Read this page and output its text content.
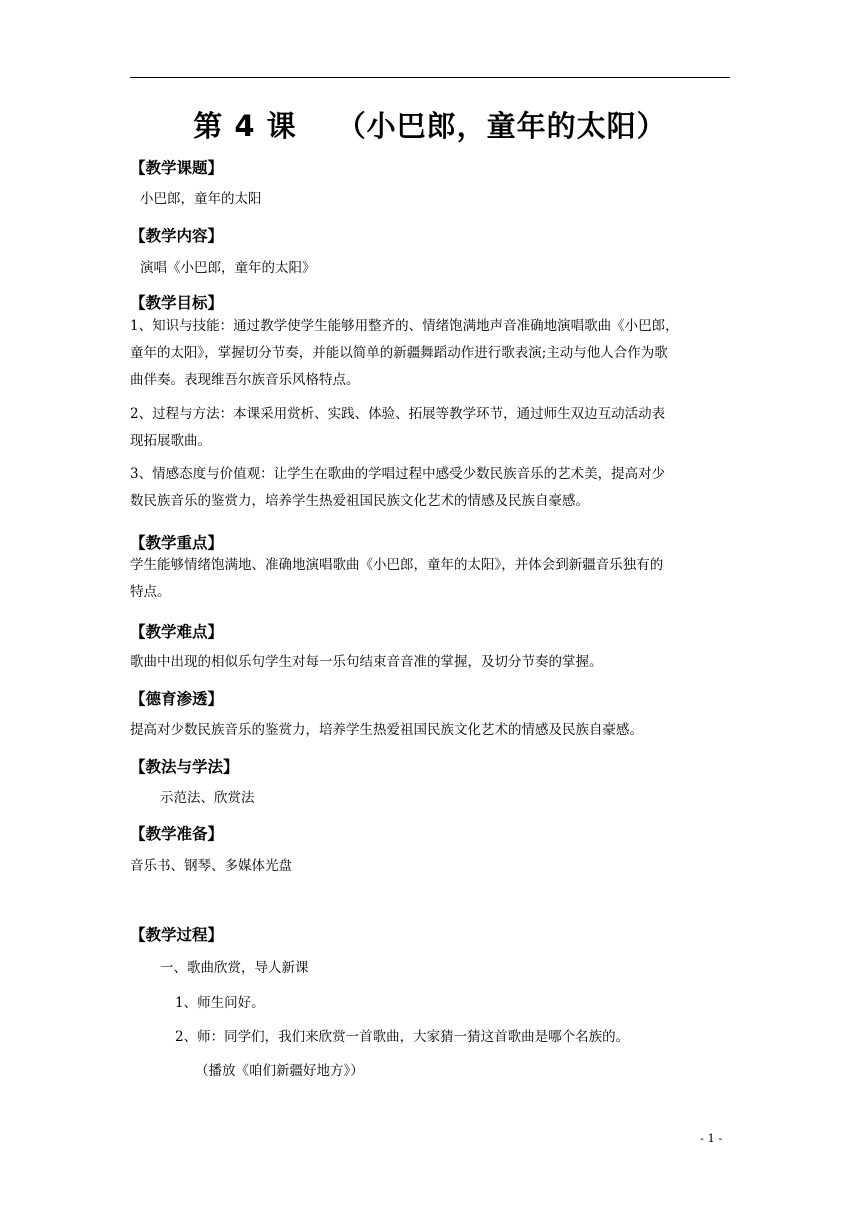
第 4 课 （小巴郎，童年的太阳）
【教学课题】
小巴郎，童年的太阳
【教学内容】
演唱《小巴郎，童年的太阳》
【教学目标】
1、知识与技能：通过教学使学生能够用整齐的、情绪饱满地声音准确地演唱歌曲《小巴郎，
童年的太阳》，掌握切分节奏，并能以简单的新疆舞蹈动作进行歌表演;主动与他人合作为歌
曲伴奏。表现维吾尔族音乐风格特点。
2、过程与方法：本课采用赏析、实践、体验、拓展等教学环节，通过师生双边互动活动表
现拓展歌曲。
3、情感态度与价值观：让学生在歌曲的学唱过程中感受少数民族音乐的艺术美，提高对少
数民族音乐的鉴赏力，培养学生热爱祖国民族文化艺术的情感及民族自豪感。
【教学重点】
学生能够情绪饱满地、准确地演唱歌曲《小巴郎，童年的太阳》，并体会到新疆音乐独有的
特点。
【教学难点】
歌曲中出现的相似乐句学生对每一乐句结束音音准的掌握，及切分节奏的掌握。
【德育渗透】
提高对少数民族音乐的鉴赏力，培养学生热爱祖国民族文化艺术的情感及民族自豪感。
【教法与学法】
示范法、欣赏法
【教学准备】
音乐书、钢琴、多媒体光盘
【教学过程】
一、歌曲欣赏，导人新课
1、师生问好。
2、师：同学们，我们来欣赏一首歌曲，大家猜一猜这首歌曲是哪个名族的。
（播放《咱们新疆好地方》）
- 1 -
